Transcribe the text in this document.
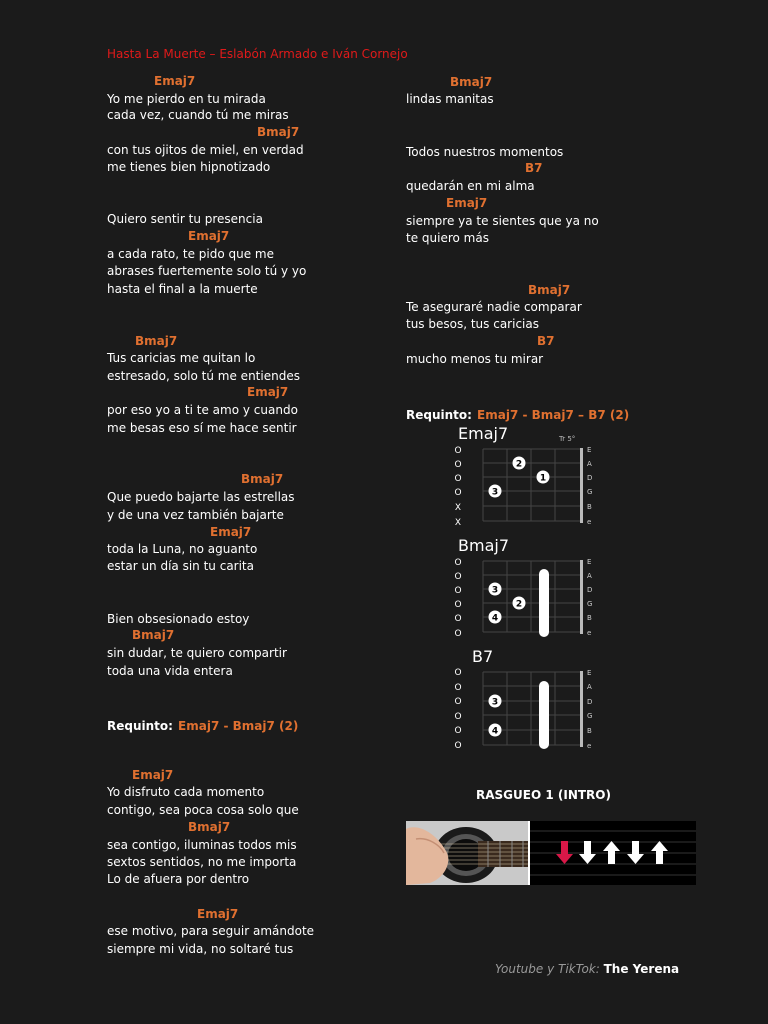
Hasta La Muerte – Eslabón Armado e Iván Cornejo
Emaj7
Yo me pierdo en tu mirada
cada vez, cuando tú me miras
Bmaj7
con tus ojitos de miel, en verdad
me tienes bien hipnotizado
Quiero sentir tu presencia
Emaj7
a cada rato, te pido que me
abrases fuertemente solo tú y yo
hasta el final a la muerte
Bmaj7
Tus caricias me quitan lo
estresado, solo tú me entiendes
Emaj7
por eso yo a ti te amo y cuando
me besas eso sí me hace sentir
Bmaj7
Que puedo bajarte las estrellas
y de una vez también bajarte
Emaj7
toda la Luna, no aguanto
estar un día sin tu carita
Bien obsesionado estoy
Bmaj7
sin dudar, te quiero compartir
toda una vida entera
Requinto: Emaj7 - Bmaj7 (2)
Emaj7
Yo disfruto cada momento
contigo, sea poca cosa solo que
Bmaj7
sea contigo, iluminas todos mis
sextos sentidos, no me importa
Lo de afuera por dentro
Emaj7
ese motivo, para seguir amándote
siempre mi vida, no soltaré tus
Bmaj7
lindas manitas
Todos nuestros momentos
B7
quedarán en mi alma
Emaj7
siempre ya te sientes que ya no
te quiero más
Bmaj7
Te aseguraré nadie comparar
tus besos, tus caricias
B7
mucho menos tu mirar
Requinto: Emaj7 - Bmaj7 – B7 (2)
Emaj7	Tr 5°
O
O
O
O
X
X
E
A
D
G
B
e
2
1
3
Bmaj7
O
O
O
O
O
O
E
A
D
G
B
e
3
2
4
B7
O
O
O
O
O
O
E
A
D
G
B
e
3
4
RASGUEO 1 (INTRO)
Youtube y TikTok: The Yerena
